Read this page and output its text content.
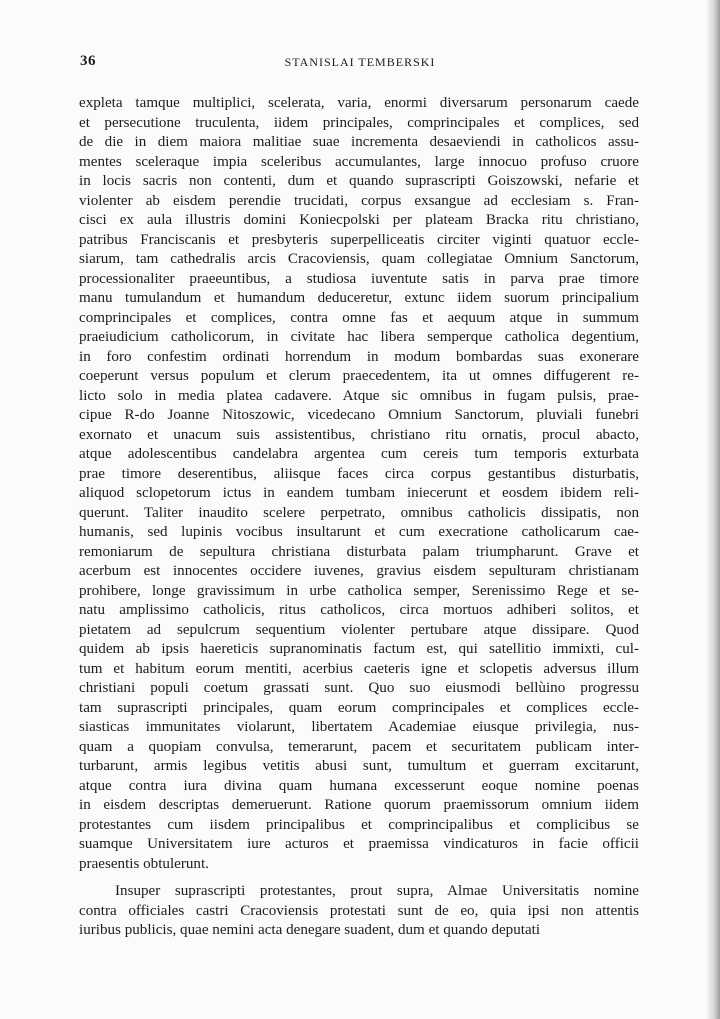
36	STANISLAI TEMBERSKI
expleta tamque multiplici, scelerata, varia, enormi diversarum personarum caede
et persecutione truculenta, iidem principales, comprincipales et complices, sed
de die in diem maiora malitiae suae incrementa desaeviendi in catholicos assu-
mentes sceleraque impia sceleribus accumulantes, large innocuo profuso cruore
in locis sacris non contenti, dum et quando suprascripti Goiszowski, nefarie et
violenter ab eisdem perendie trucidati, corpus exsangue ad ecclesiam s. Fran-
cisci ex aula illustris domini Koniecpolski per plateam Bracka ritu christiano,
patribus Franciscanis et presbyteris superpelliceatis circiter viginti quatuor eccle-
siarum, tam cathedralis arcis Cracoviensis, quam collegiatae Omnium Sanctorum,
processionaliter praeeuntibus, a studiosa iuventute satis in parva prae timore
manu tumulandum et humandum deduceretur, extunc iidem suorum principalium
comprincipales et complices, contra omne fas et aequum atque in summum
praeiudicium catholicorum, in civitate hac libera semperque catholica degentium,
in foro confestim ordinati horrendum in modum bombardas suas exonerare
coeperunt versus populum et clerum praecedentem, ita ut omnes diffugerent re-
licto solo in media platea cadavere. Atque sic omnibus in fugam pulsis, prae-
cipue R-do Joanne Nitoszowic, vicedecano Omnium Sanctorum, pluviali funebri
exornato et unacum suis assistentibus, christiano ritu ornatis, procul abacto,
atque adolescentibus candelabra argentea cum cereis tum temporis exturbata
prae timore deserentibus, aliisque faces circa corpus gestantibus disturbatis,
aliquod sclopetorum ictus in eandem tumbam iniecerunt et eosdem ibidem reli-
querunt. Taliter inaudito scelere perpetrato, omnibus catholicis dissipatis, non
humanis, sed lupinis vocibus insultarunt et cum execratione catholicarum cae-
remoniarum de sepultura christiana disturbata palam triumpharunt. Grave et
acerbum est innocentes occidere iuvenes, gravius eisdem sepulturam christianam
prohibere, longe gravissimum in urbe catholica semper, Serenissimo Rege et se-
natu amplissimo catholicis, ritus catholicos, circa mortuos adhiberi solitos, et
pietatem ad sepulcrum sequentium violenter pertubare atque dissipare. Quod
quidem ab ipsis haereticis supranominatis factum est, qui satellitio immixti, cul-
tum et habitum eorum mentiti, acerbius caeteris igne et sclopetis adversus illum
christiani populi coetum grassati sunt. Quo suo eiusmodi bellùino progressu
tam suprascripti principales, quam eorum comprincipales et complices eccle-
siasticas immunitates violarunt, libertatem Academiae eiusque privilegia, nus-
quam a quopiam convulsa, temerarunt, pacem et securitatem publicam inter-
turbarunt, armis legibus vetitis abusi sunt, tumultum et guerram excitarunt,
atque contra iura divina quam humana excesserunt eoque nomine poenas
in eisdem descriptas demeruerunt. Ratione quorum praemissorum omnium iidem
protestantes cum iisdem principalibus et comprincipalibus et complicibus se
suamque Universitatem iure acturos et praemissa vindicaturos in facie officii
praesentis obtulerunt.
Insuper suprascripti protestantes, prout supra, Almae Universitatis nomine
contra officiales castri Cracoviensis protestati sunt de eo, quia ipsi non attentis
iuribus publicis, quae nemini acta denegare suadent, dum et quando deputati
